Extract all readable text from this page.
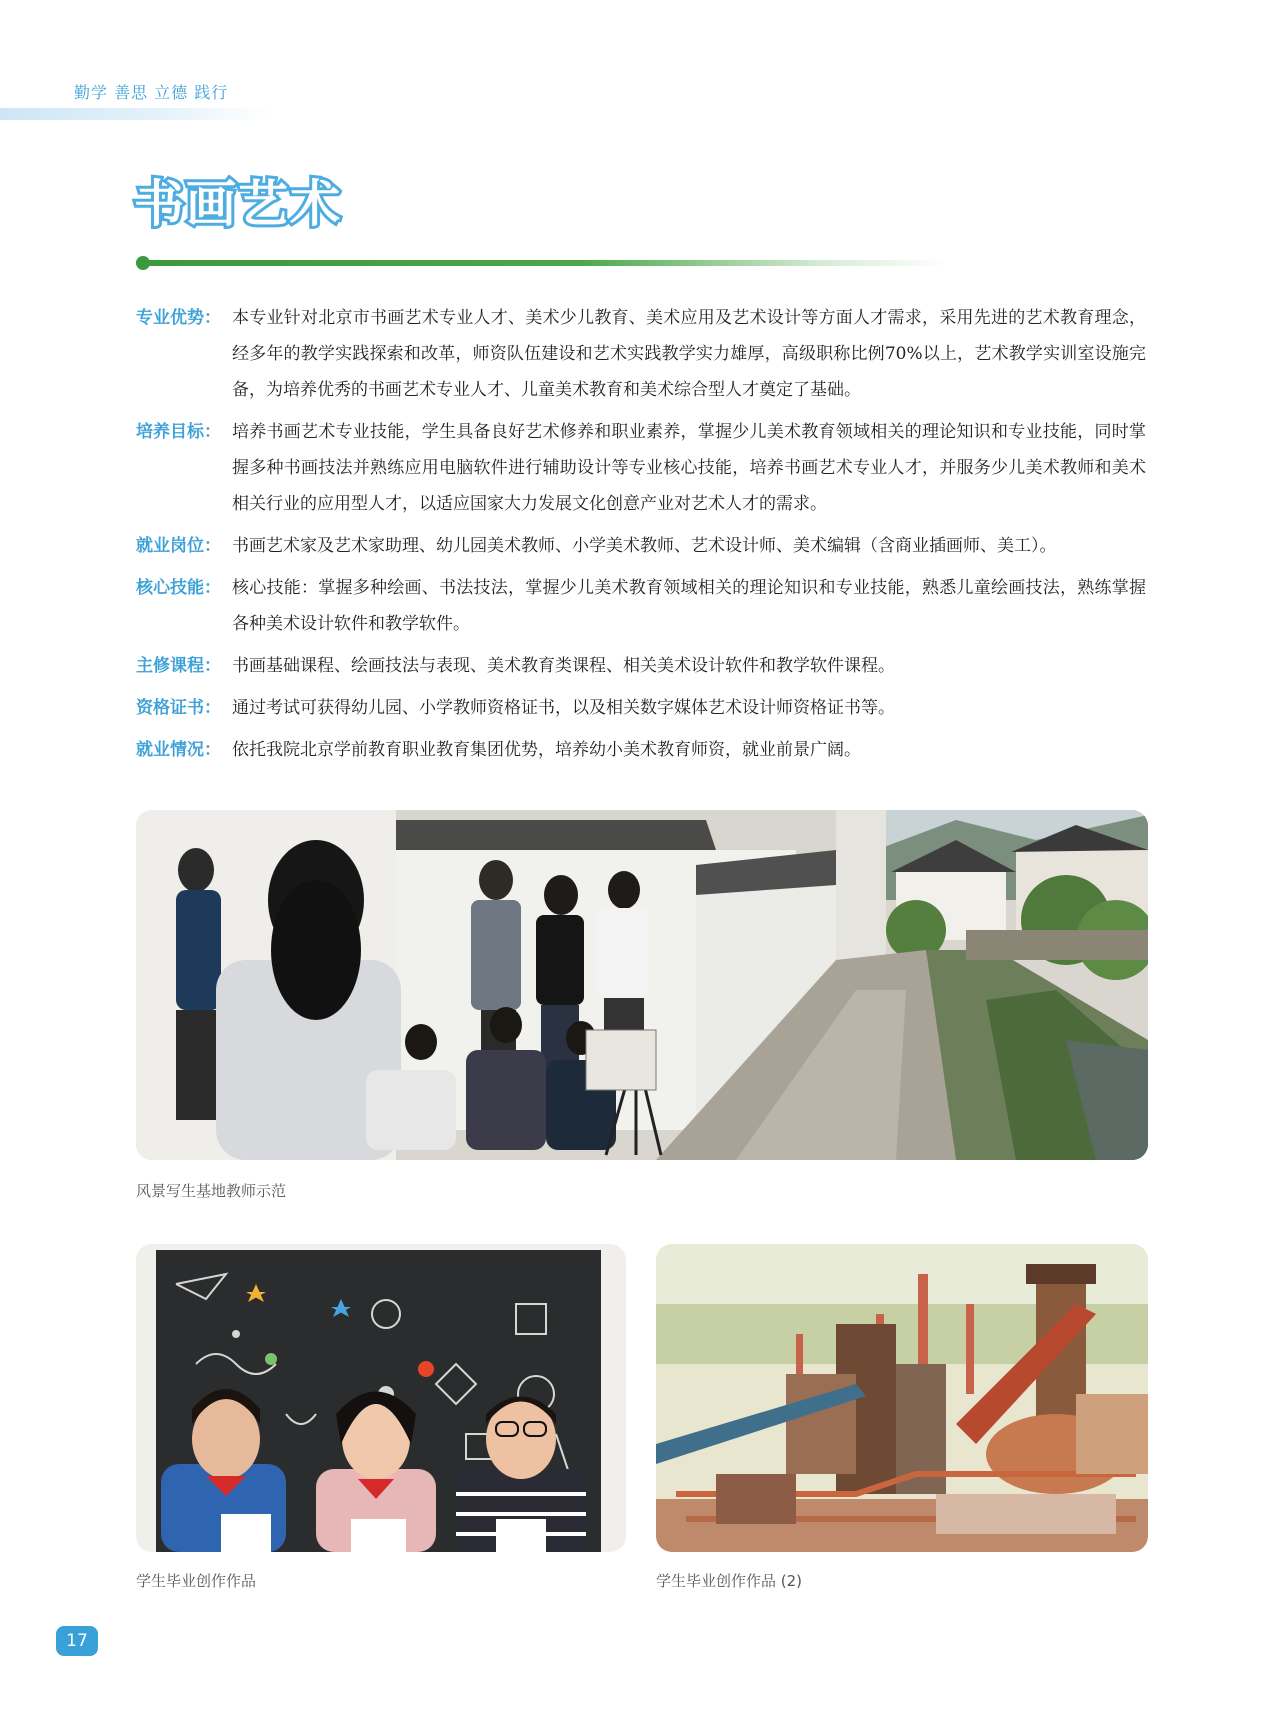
勤学 善思 立德 践行
书画艺术
专业优势： 本专业针对北京市书画艺术专业人才、美术少儿教育、美术应用及艺术设计等方面人才需求，采用先进的艺术教育理念，经多年的教学实践探索和改革，师资队伍建设和艺术实践教学实力雄厚，高级职称比例70%以上，艺术教学实训室设施完备，为培养优秀的书画艺术专业人才、儿童美术教育和美术综合型人才奠定了基础。
培养目标： 培养书画艺术专业技能，学生具备良好艺术修养和职业素养，掌握少儿美术教育领域相关的理论知识和专业技能，同时掌握多种书画技法并熟练应用电脑软件进行辅助设计等专业核心技能，培养书画艺术专业人才，并服务少儿美术教师和美术相关行业的应用型人才，以适应国家大力发展文化创意产业对艺术人才的需求。
就业岗位： 书画艺术家及艺术家助理、幼儿园美术教师、小学美术教师、艺术设计师、美术编辑（含商业插画师、美工）。
核心技能： 核心技能：掌握多种绘画、书法技法，掌握少儿美术教育领域相关的理论知识和专业技能，熟悉儿童绘画技法，熟练掌握各种美术设计软件和教学软件。
主修课程： 书画基础课程、绘画技法与表现、美术教育类课程、相关美术设计软件和教学软件课程。
资格证书： 通过考试可获得幼儿园、小学教师资格证书，以及相关数字媒体艺术设计师资格证书等。
就业情况： 依托我院北京学前教育职业教育集团优势，培养幼小美术教育师资，就业前景广阔。
风景写生基地教师示范
学生毕业创作作品	学生毕业创作作品 (2)
17
